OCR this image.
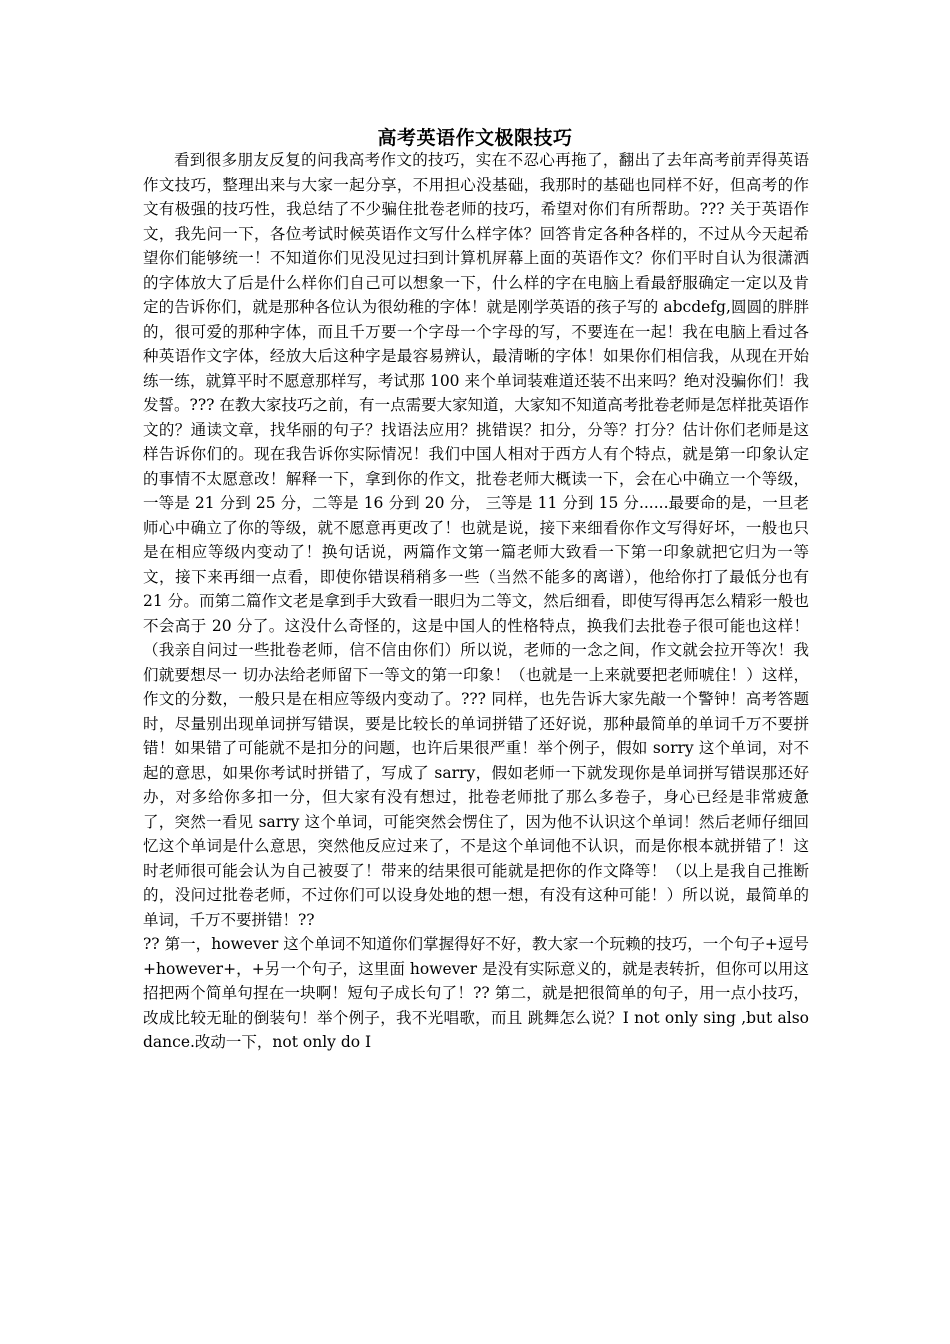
高考英语作文极限技巧

看到很多朋友反复的问我高考作文的技巧，实在不忍心再拖了，翻出了去年高考前弄得英语作文技巧，整理出来与大家一起分享，不用担心没基础，我那时的基础也同样不好，但高考的作文有极强的技巧性，我总结了不少骗住批卷老师的技巧，希望对你们有所帮助。??? 关于英语作文，我先问一下，各位考试时候英语作文写什么样字体？回答肯定各种各样的，不过从今天起希望你们能够统一！不知道你们见没见过扫到计算机屏幕上面的英语作文？你们平时自认为很潇洒的字体放大了后是什么样你们自己可以想象一下，什么样的字在电脑上看最舒服确定一定以及肯定的告诉你们，就是那种各位认为很幼稚的字体！就是刚学英语的孩子写的 abcdefg,圆圆的胖胖的，很可爱的那种字体，而且千万要一个字母一个字母的写，不要连在一起！我在电脑上看过各种英语作文字体，经放大后这种字是最容易辨认，最清晰的字体！如果你们相信我，从现在开始练一练，就算平时不愿意那样写，考试那 100 来个单词装难道还装不出来吗？绝对没骗你们！我发誓。??? 在教大家技巧之前，有一点需要大家知道，大家知不知道高考批卷老师是怎样批英语作文的？通读文章，找华丽的句子？找语法应用？挑错误？扣分，分等？打分？估计你们老师是这样告诉你们的。现在我告诉你实际情况！我们中国人相对于西方人有个特点，就是第一印象认定的事情不太愿意改！解释一下，拿到你的作文，批卷老师大概读一下，会在心中确立一个等级，一等是 21 分到 25 分，二等是 16 分到 20 分， 三等是 11 分到 15 分......最要命的是，一旦老师心中确立了你的等级，就不愿意再更改了！也就是说，接下来细看你作文写得好坏，一般也只是在相应等级内变动了！换句话说，两篇作文第一篇老师大致看一下第一印象就把它归为一等文，接下来再细一点看，即使你错误稍稍多一些（当然不能多的离谱），他给你打了最低分也有 21 分。而第二篇作文老是拿到手大致看一眼归为二等文，然后细看，即使写得再怎么精彩一般也不会高于 20 分了。这没什么奇怪的，这是中国人的性格特点，换我们去批卷子很可能也这样！（我亲自问过一些批卷老师，信不信由你们）所以说，老师的一念之间，作文就会拉开等次！我们就要想尽一 切办法给老师留下一等文的第一印象！（也就是一上来就要把老师唬住！）这样，作文的分数，一般只是在相应等级内变动了。??? 同样，也先告诉大家先敲一个警钟！高考答题时，尽量别出现单词拼写错误，要是比较长的单词拼错了还好说，那种最简单的单词千万不要拼错！如果错了可能就不是扣分的问题，也许后果很严重！举个例子，假如 sorry 这个单词，对不起的意思，如果你考试时拼错了，写成了 sarry，假如老师一下就发现你是单词拼写错误那还好办，对多给你多扣一分，但大家有没有想过，批卷老师批了那么多卷子，身心已经是非常疲惫了，突然一看见 sarry 这个单词，可能突然会愣住了，因为他不认识这个单词！然后老师仔细回忆这个单词是什么意思，突然他反应过来了，不是这个单词他不认识，而是你根本就拼错了！这时老师很可能会认为自己被耍了！带来的结果很可能就是把你的作文降等！（以上是我自己推断的，没问过批卷老师，不过你们可以设身处地的想一想，有没有这种可能！）所以说，最简单的单词，千万不要拼错！??

?? 第一，however 这个单词不知道你们掌握得好不好，教大家一个玩赖的技巧，一个句子+逗号+however+，+另一个句子，这里面 however 是没有实际意义的，就是表转折，但你可以用这招把两个简单句捏在一块啊！短句子成长句了！?? 第二，就是把很简单的句子，用一点小技巧，改成比较无耻的倒装句！举个例子，我不光唱歌，而且 跳舞怎么说？I not only sing ,but also dance.改动一下，not only do I
